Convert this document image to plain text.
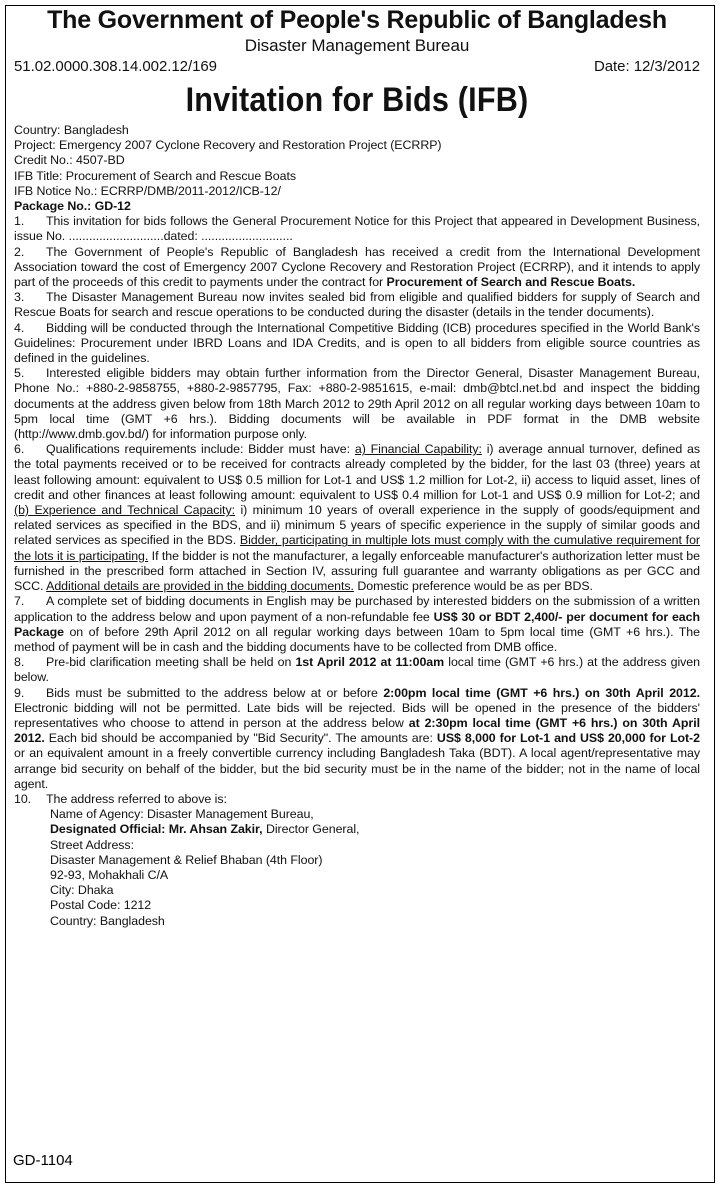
The Government of People's Republic of Bangladesh
Disaster Management Bureau
51.02.0000.308.14.002.12/169	Date: 12/3/2012
Invitation for Bids (IFB)
Country: Bangladesh
Project: Emergency 2007 Cyclone Recovery and Restoration Project (ECRRP)
Credit No.: 4507-BD
IFB Title: Procurement of Search and Rescue Boats
IFB Notice No.: ECRRP/DMB/2011-2012/ICB-12/
Package No.: GD-12
1. This invitation for bids follows the General Procurement Notice for this Project that appeared in Development Business, issue No. ............................dated: ...........................
2. The Government of People's Republic of Bangladesh has received a credit from the International Development Association toward the cost of Emergency 2007 Cyclone Recovery and Restoration Project (ECRRP), and it intends to apply part of the proceeds of this credit to payments under the contract for Procurement of Search and Rescue Boats.
3. The Disaster Management Bureau now invites sealed bid from eligible and qualified bidders for supply of Search and Rescue Boats for search and rescue operations to be conducted during the disaster (details in the tender documents).
4. Bidding will be conducted through the International Competitive Bidding (ICB) procedures specified in the World Bank's Guidelines: Procurement under IBRD Loans and IDA Credits, and is open to all bidders from eligible source countries as defined in the guidelines.
5. Interested eligible bidders may obtain further information from the Director General, Disaster Management Bureau, Phone No.: +880-2-9858755, +880-2-9857795, Fax: +880-2-9851615, e-mail: dmb@btcl.net.bd and inspect the bidding documents at the address given below from 18th March 2012 to 29th April 2012 on all regular working days between 10am to 5pm local time (GMT +6 hrs.). Bidding documents will be available in PDF format in the DMB website (http://www.dmb.gov.bd/) for information purpose only.
6. Qualifications requirements include: Bidder must have: a) Financial Capability: i) average annual turnover, defined as the total payments received or to be received for contracts already completed by the bidder, for the last 03 (three) years at least following amount: equivalent to US$ 0.5 million for Lot-1 and US$ 1.2 million for Lot-2, ii) access to liquid asset, lines of credit and other finances at least following amount: equivalent to US$ 0.4 million for Lot-1 and US$ 0.9 million for Lot-2; and (b) Experience and Technical Capacity: i) minimum 10 years of overall experience in the supply of goods/equipment and related services as specified in the BDS, and ii) minimum 5 years of specific experience in the supply of similar goods and related services as specified in the BDS. Bidder, participating in multiple lots must comply with the cumulative requirement for the lots it is participating. If the bidder is not the manufacturer, a legally enforceable manufacturer's authorization letter must be furnished in the prescribed form attached in Section IV, assuring full guarantee and warranty obligations as per GCC and SCC. Additional details are provided in the bidding documents. Domestic preference would be as per BDS.
7. A complete set of bidding documents in English may be purchased by interested bidders on the submission of a written application to the address below and upon payment of a non-refundable fee US$ 30 or BDT 2,400/- per document for each Package on of before 29th April 2012 on all regular working days between 10am to 5pm local time (GMT +6 hrs.). The method of payment will be in cash and the bidding documents have to be collected from DMB office.
8. Pre-bid clarification meeting shall be held on 1st April 2012 at 11:00am local time (GMT +6 hrs.) at the address given below.
9. Bids must be submitted to the address below at or before 2:00pm local time (GMT +6 hrs.) on 30th April 2012. Electronic bidding will not be permitted. Late bids will be rejected. Bids will be opened in the presence of the bidders' representatives who choose to attend in person at the address below at 2:30pm local time (GMT +6 hrs.) on 30th April 2012. Each bid should be accompanied by "Bid Security". The amounts are: US$ 8,000 for Lot-1 and US$ 20,000 for Lot-2 or an equivalent amount in a freely convertible currency including Bangladesh Taka (BDT). A local agent/representative may arrange bid security on behalf of the bidder, but the bid security must be in the name of the bidder; not in the name of local agent.
10. The address referred to above is:
Name of Agency: Disaster Management Bureau,
Designated Official: Mr. Ahsan Zakir, Director General,
Street Address:
Disaster Management & Relief Bhaban (4th Floor)
92-93, Mohakhali C/A
City: Dhaka
Postal Code: 1212
Country: Bangladesh
GD-1104
